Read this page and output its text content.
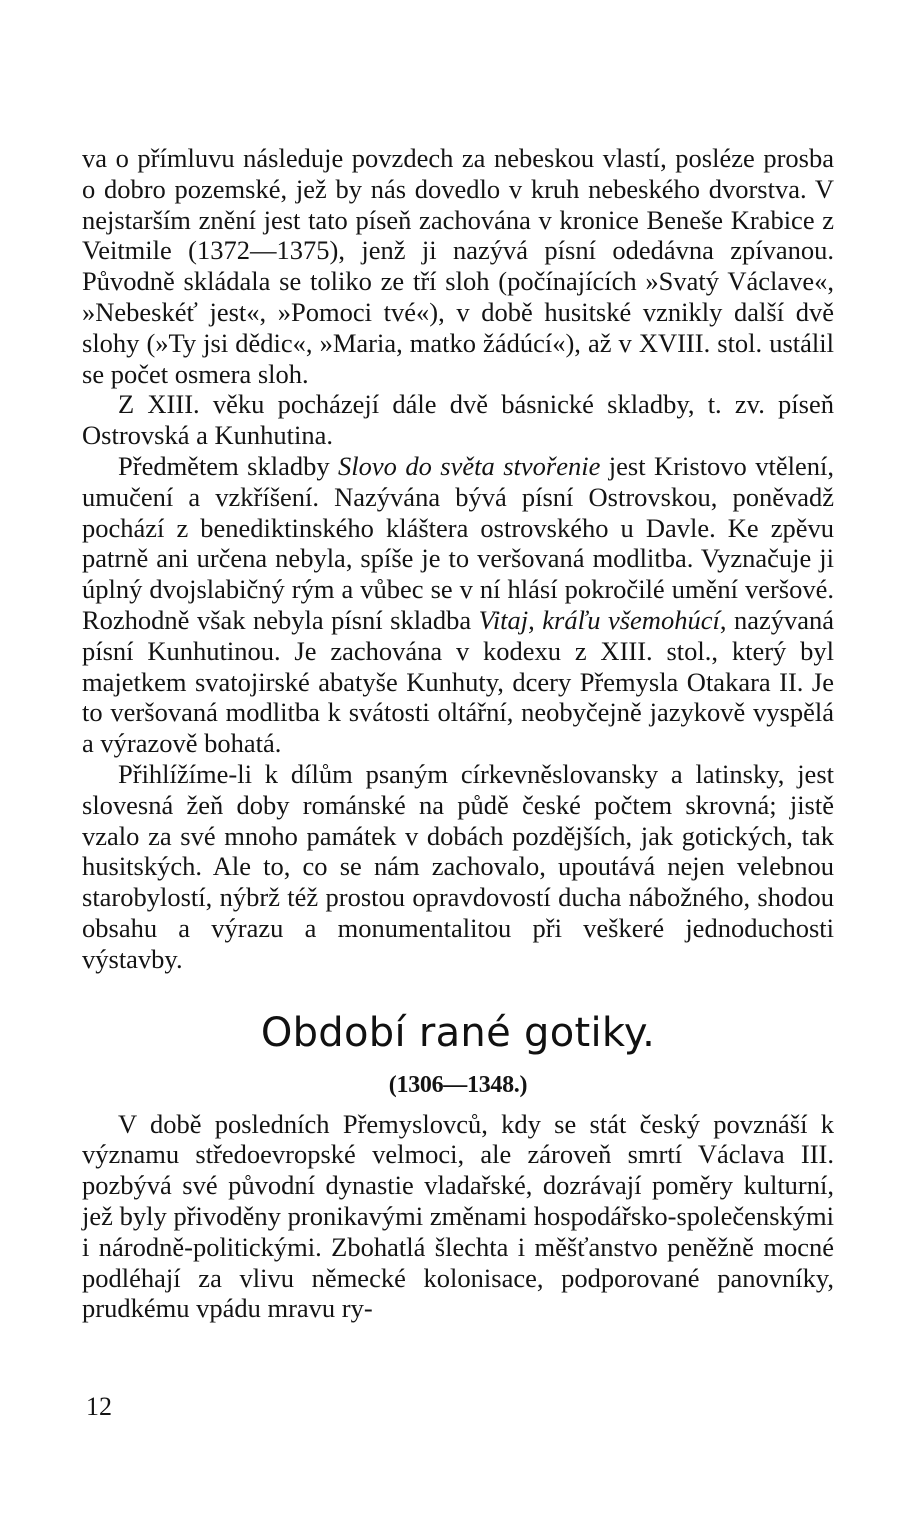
va o přímluvu následuje povzdech za nebeskou vlastí, posléze prosba o dobro pozemské, jež by nás dovedlo v kruh nebeského dvorstva. V nejstarším znění jest tato píseň zachována v kronice Beneše Krabice z Veitmile (1372—1375), jenž ji nazývá písní odedávna zpívanou. Původně skládala se toliko ze tří sloh (počínajících »Svatý Václave«, »Nebeskéť jest«, »Pomoci tvé«), v době husitské vznikly další dvě slohy (»Ty jsi dědic«, »Maria, matko žádúcí«), až v XVIII. stol. ustálil se počet osmera sloh.

Z XIII. věku pocházejí dále dvě básnické skladby, t. zv. píseň Ostrovská a Kunhutina.

Předmětem skladby Slovo do světa stvořenie jest Kristovo vtělení, umučení a vzkříšení. Nazývána bývá písní Ostrovskou, poněvadž pochází z benediktinského kláštera ostrovského u Davle. Ke zpěvu patrně ani určena nebyla, spíše je to veršovaná modlitba. Vyznačuje ji úplný dvojslabičný rým a vůbec se v ní hlásí pokročilé umění veršové. Rozhodně však nebyla písní skladba Vitaj, kráľu všemohúcí, nazývaná písní Kunhutinou. Je zachována v kodexu z XIII. stol., který byl majetkem svatojirské abatyše Kunhuty, dcery Přemysla Otakara II. Je to veršovaná modlitba k svátosti oltářní, neobyčejně jazykově vyspělá a výrazově bohatá.

Přihlížíme-li k dílům psaným církevněslovansky a latinsky, jest slovesná žeň doby románské na půdě české počtem skrovná; jistě vzalo za své mnoho památek v dobách pozdějších, jak gotických, tak husitských. Ale to, co se nám zachovalo, upoutává nejen velebnou starobylostí, nýbrž též prostou opravdovostí ducha nábožného, shodou obsahu a výrazu a monumentalitou při veškeré jednoduchosti výstavby.

Období rané gotiky.
(1306—1348.)

V době posledních Přemyslovců, kdy se stát český povznáší k významu středoevropské velmoci, ale zároveň smrtí Václava III. pozbývá své původní dynastie vladařské, dozrávají poměry kulturní, jež byly přivoděny pronikavými změnami hospodářsko-společenskými i národně-politickými. Zbohatlá šlechta i měšťanstvo peněžně mocné podléhají za vlivu německé kolonisace, podporované panovníky, prudkému vpádu mravu ry-

12
